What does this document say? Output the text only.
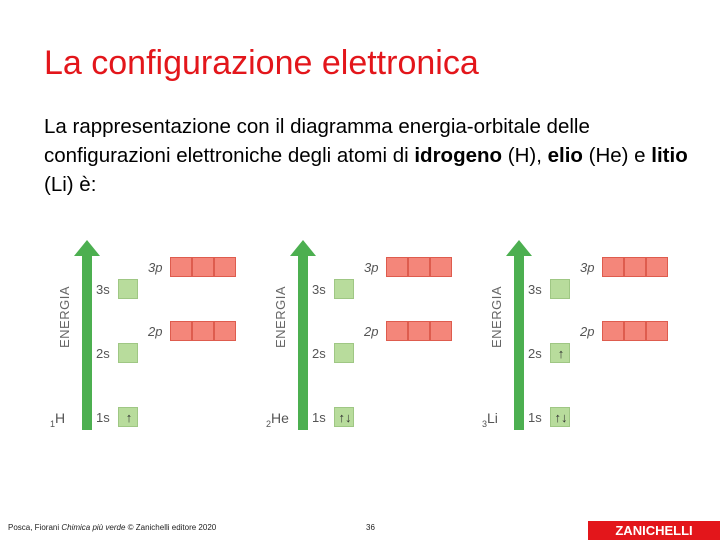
La configurazione elettronica
La rappresentazione con il diagramma energia-orbitale delle configurazioni elettroniche degli atomi di idrogeno (H), elio (He) e litio (Li) è:
ENERGIA
$_1$H
3p
3s
2p
2s
1s	↑
ENERGIA
$_2$He
3p
3s
2p
2s
1s ↑↓
ENERGIA
$_3$Li
3p
3s
2p
2s	↑
1s ↑↓
Posca, Fiorani Chimica più verde © Zanichelli editore 2020	36	ZANICHELLI
